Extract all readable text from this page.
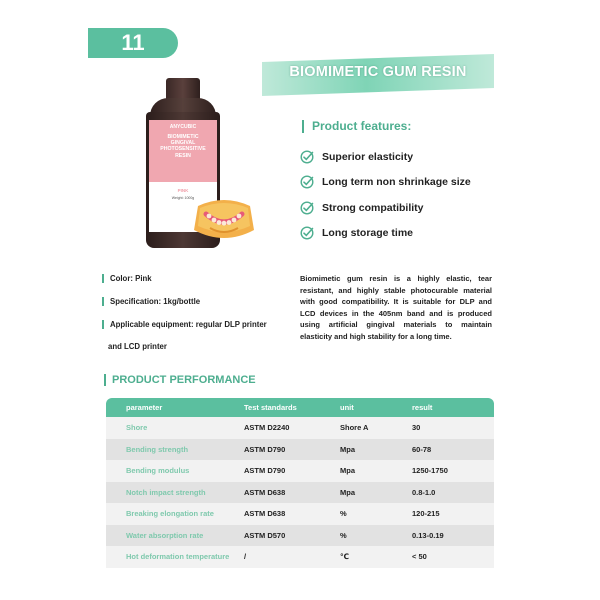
11
BIOMIMETIC GUM RESIN
ANYCUBIC
BIOMIMETIC
GINGIVAL
PHOTOSENSITIVE
RESIN
PINK
Weight: 1000g
Product features:
Superior elasticity
Long term non shrinkage size
Strong compatibility
Long storage time
Color: Pink
Specification: 1kg/bottle
Applicable equipment: regular DLP printer
and LCD printer
Biomimetic gum resin is a highly elastic, tear resistant, and highly stable photocurable material with good compatibility. It is suitable for DLP and LCD devices in the 405nm band and is produced using artificial gingival materials to maintain elasticity and high stability for a long time.
PRODUCT PERFORMANCE
parameter	Test standards	unit	result
Shore	ASTM D2240	Shore A	30
Bending strength	ASTM D790	Mpa	60-78
Bending modulus	ASTM D790	Mpa	1250-1750
Notch impact strength	ASTM D638	Mpa	0.8-1.0
Breaking elongation rate	ASTM D638	%	120-215
Water absorption rate	ASTM D570	%	0.13-0.19
Hot deformation temperature	/	℃	< 50
